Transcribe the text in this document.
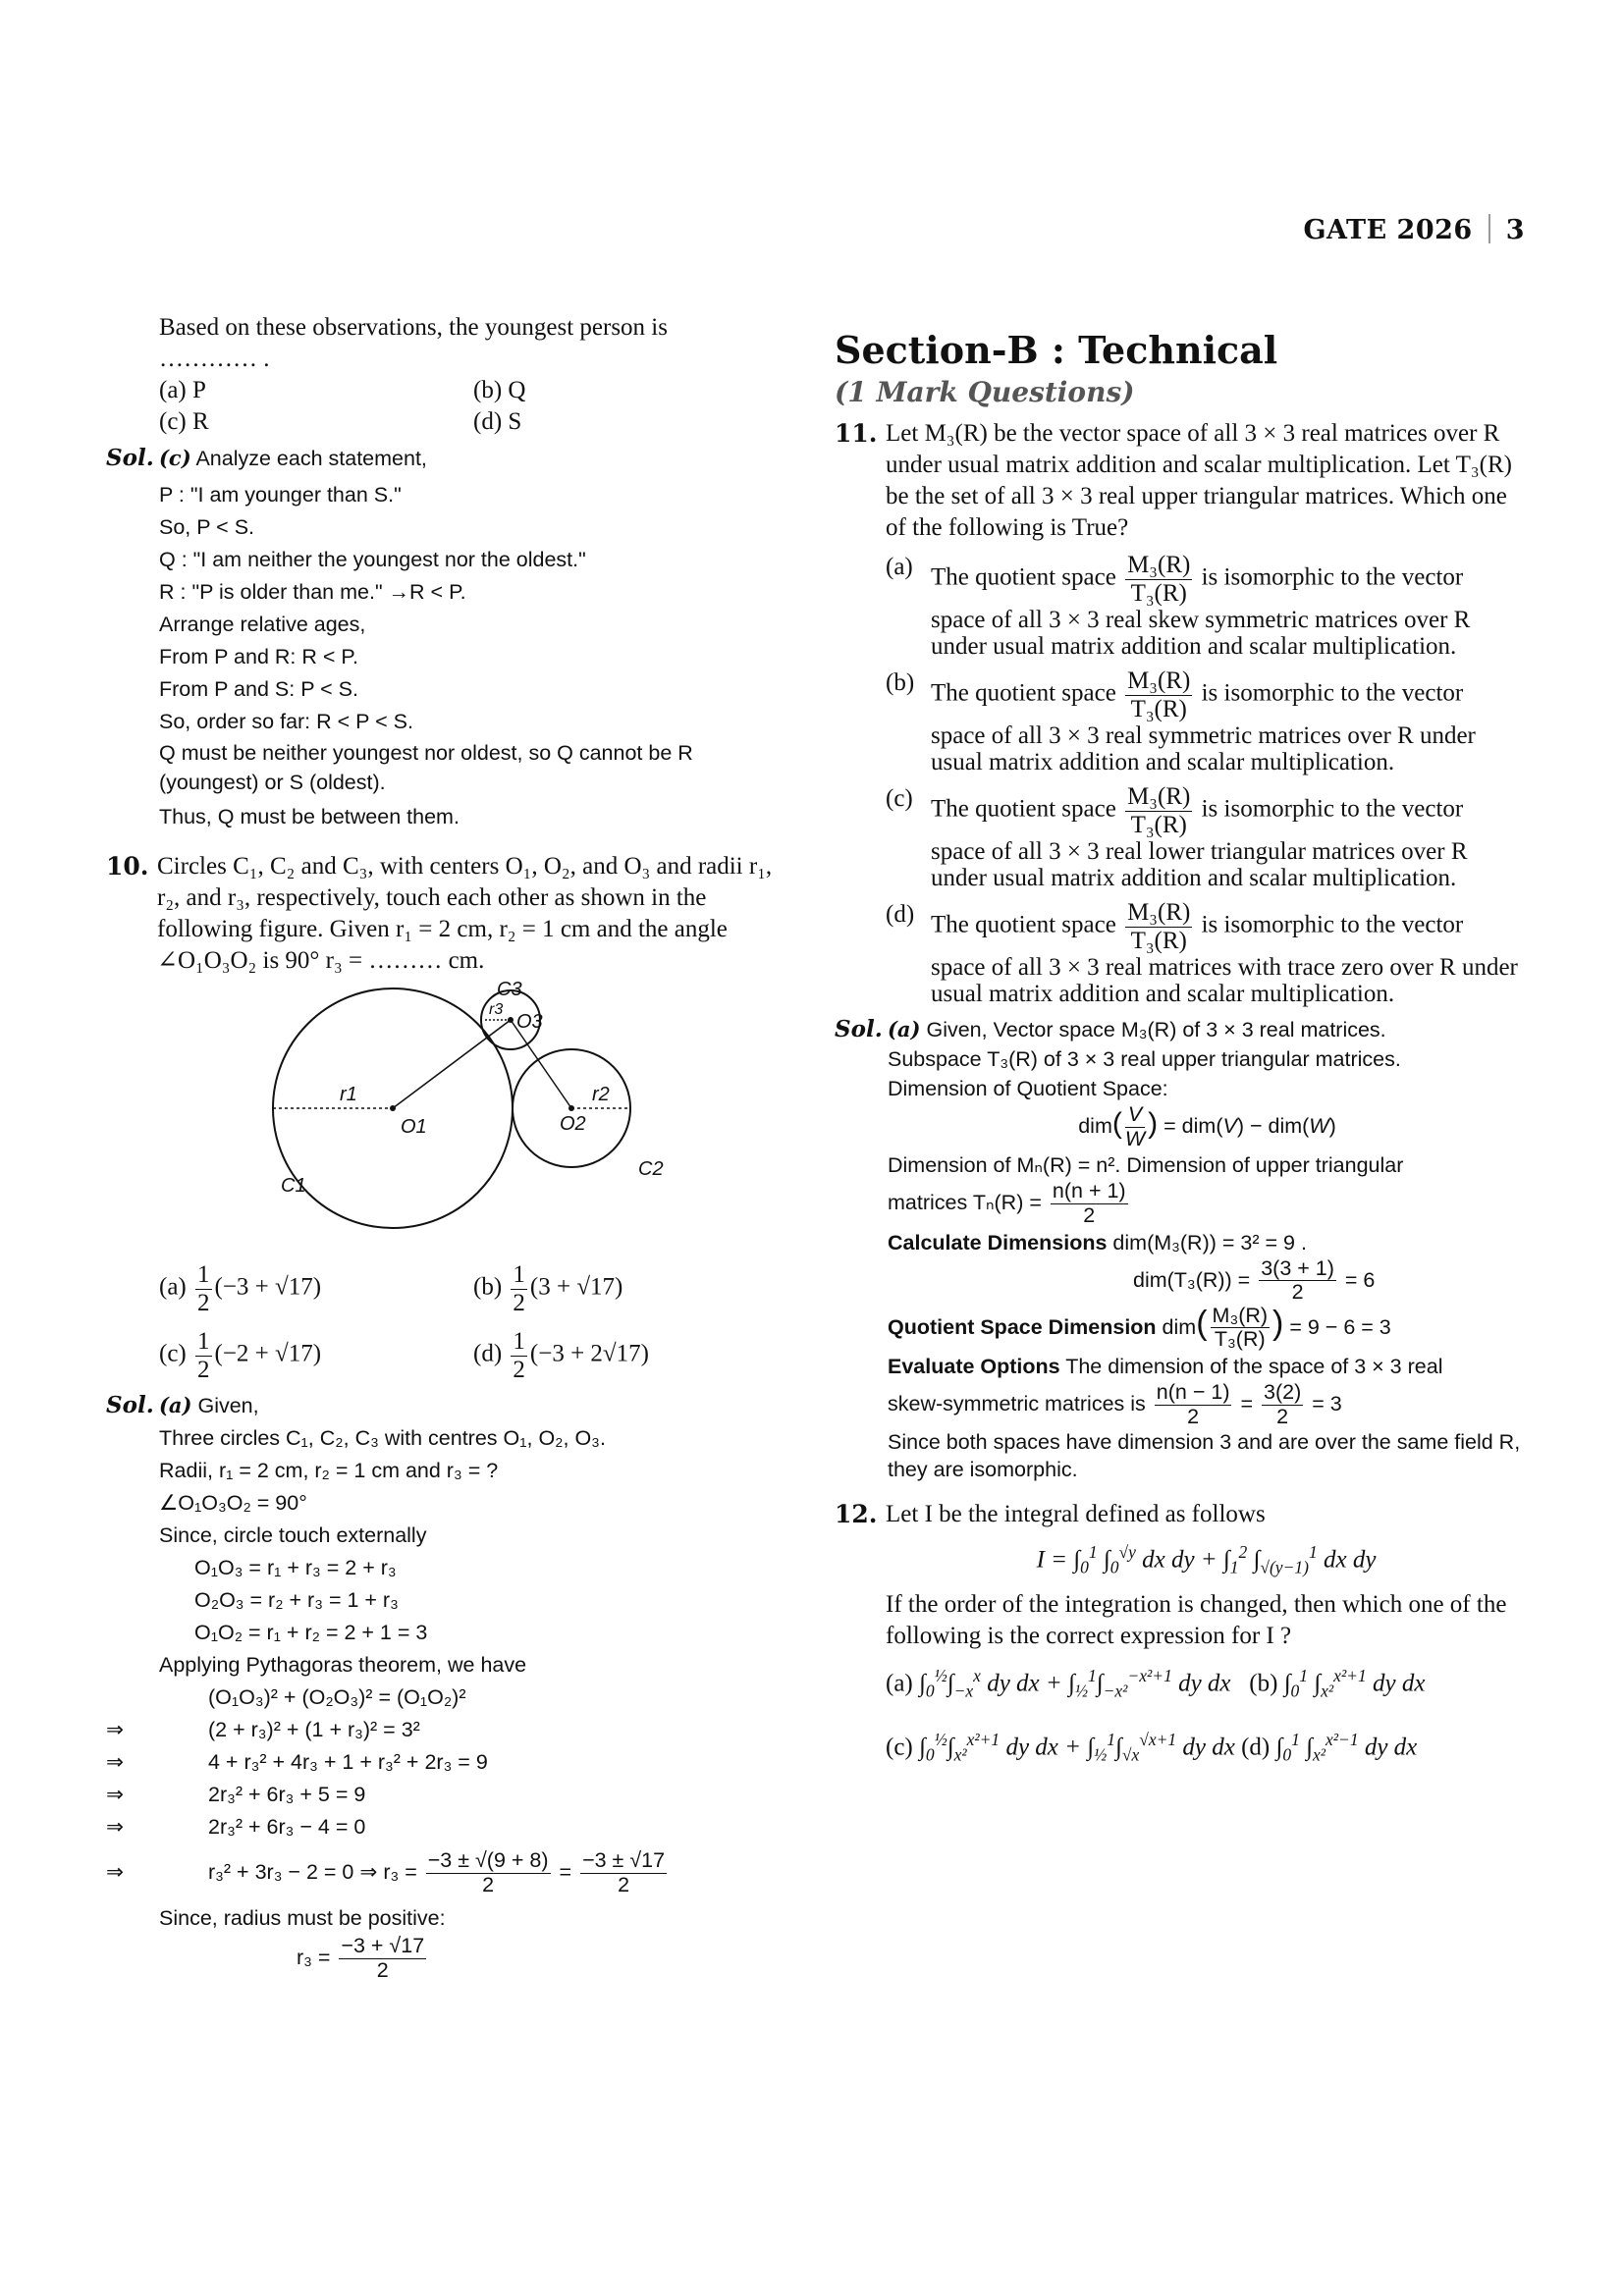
GATE 2026 3
Based on these observations, the youngest person is
………… .
(a) P	(b) Q
(c) R	(d) S
Sol. (c) Analyze each statement,
P : "I am younger than S."
So, P < S.
Q : "I am neither the youngest nor the oldest."
R : "P is older than me." →R < P.
Arrange relative ages,
From P and R: R < P.
From P and S: P < S.
So, order so far: R < P < S.
Q must be neither youngest nor oldest, so Q cannot be R (youngest) or S (oldest).
Thus, Q must be between them.
10. Circles C₁, C₂ and C₃, with centers O₁, O₂, and O₃ and radii r₁, r₂, and r₃, respectively, touch each other as shown in the following figure. Given r₁ = 2 cm, r₂ = 1 cm and the angle ∠O₁O₃O₂ is 90° r₃ = ……… cm.
C1
O1
r1
C2
O2
r2
C3
O3
r3
$(a) \frac{1}{2} (-3 + √17)$	$(b) \frac{1}{2} (3 + √17)$
$(c) \frac{1}{2} (-2 + √17)$	$(d) \frac{1}{2} (-3 + 2√17)$
Sol. (a) Given,
Three circles C₁, C₂, C₃ with centres O₁, O₂, O₃.
Radii, r₁ = 2 cm, r₂ = 1 cm and r₃ = ?
∠O₁O₃O₂ = 90°
Since, circle touch externally
O₁O₃ = r₁ + r₃ = 2 + r₃
O₂O₃ = r₂ + r₃ = 1 + r₃
O₁O₂ = r₁ + r₂ = 2 + 1 = 3
Applying Pythagoras theorem, we have
(O₁O₃)² + (O₂O₃)² = (O₁O₂)²
⇒	(2 + r₃)² + (1 + r₃)² = 3²
⇒	4 + r₃² + 4r₃ + 1 + r₃² + 2r₃ = 9
⇒	2r₃² + 6r₃ + 5 = 9
⇒	2r₃² + 6r₃ − 4 = 0
⇒	r₃² + 3r₃ − 2 = 0 ⇒ $r_3 = \frac{-3 \pm √(9 + 8)}{2} = \frac{-3 \pm √17}{2}$
Since, radius must be positive:
$r_3 = \frac{-3 + √17}{2}$
Section-B : Technical
(1 Mark Questions)
11. Let M₃(R) be the vector space of all 3 × 3 real matrices over R under usual matrix addition and scalar multiplication. Let T₃(R) be the set of all 3 × 3 real upper triangular matrices. Which one of the following is True?
(a) The quotient space $\frac{\text{M₃(R)}}{\text{T₃(R)}}$ is isomorphic to the vector
space of all 3 × 3 real skew symmetric matrices over R under usual matrix addition and scalar multiplication.
(b) The quotient space $\frac{\text{M₃(R)}}{\text{T₃(R)}}$ is isomorphic to the vector
space of all 3 × 3 real symmetric matrices over R under usual matrix addition and scalar multiplication.
(c) The quotient space $\frac{\text{M₃(R)}}{\text{T₃(R)}}$ is isomorphic to the vector
space of all 3 × 3 real lower triangular matrices over R under usual matrix addition and scalar multiplication.
(d) The quotient space $\frac{\text{M₃(R)}}{\text{T₃(R)}}$ is isomorphic to the vector
space of all 3 × 3 real matrices with trace zero over R under usual matrix addition and scalar multiplication.
Sol. (a) Given, Vector space M₃(R) of 3 × 3 real matrices.
Subspace T₃(R) of 3 × 3 real upper triangular matrices.
Dimension of Quotient Space:
$dim( \frac{V}{W}$ ) = dim(V) − dim(W)
Dimension of Mₙ(R) = n². Dimension of upper triangular
matrices $T_n(R) = \frac{n(n + 1)}{2}$
Calculate Dimensions dim(M₃(R)) = 3² = 9 .
$dim(T_3(R)) = \frac{3(3 + 1)}{2} = 6$
Quotient Space Dimension $dim( \frac{\text{M₃(R)}}{\text{T₃(R)}}$ ) = 9 − 6 = 3
Evaluate Options The dimension of the space of 3 × 3 real
skew-symmetric matrices is $\frac{n(n - 1)}{2} = \frac{3(2)}{2} = 3$
Since both spaces have dimension 3 and are over the same field R, they are isomorphic.
12. Let I be the integral defined as follows
$I = \int_0^1$ $\int_0^{√y}$ dx dy + $\int_1^2$ $\int_{√(y-1)}^1$ dx dy
If the order of the integration is changed, then which one of the following is the correct expression for I ?
(a) $\int_0^{\frac{1}{2}}\int_{-x}^x$ dy dx + $\int_{\frac{1}{2}}^1\int_{-x^2}^{-x^2+1}$ dy dx   (b) $\int_0^1$ $\int_{x^2}^{x^2+1}$ dy dx
(c) $\int_0^{\frac{1}{2}}\int_{x^2}^{x^2+1}$ dy dx + $\int_{\frac{1}{2}}^1\int_{√x}^{√x+1}$ dy dx (d) $\int_0^1$ $\int_{x^2}^{x^2-1}$ dy dx
